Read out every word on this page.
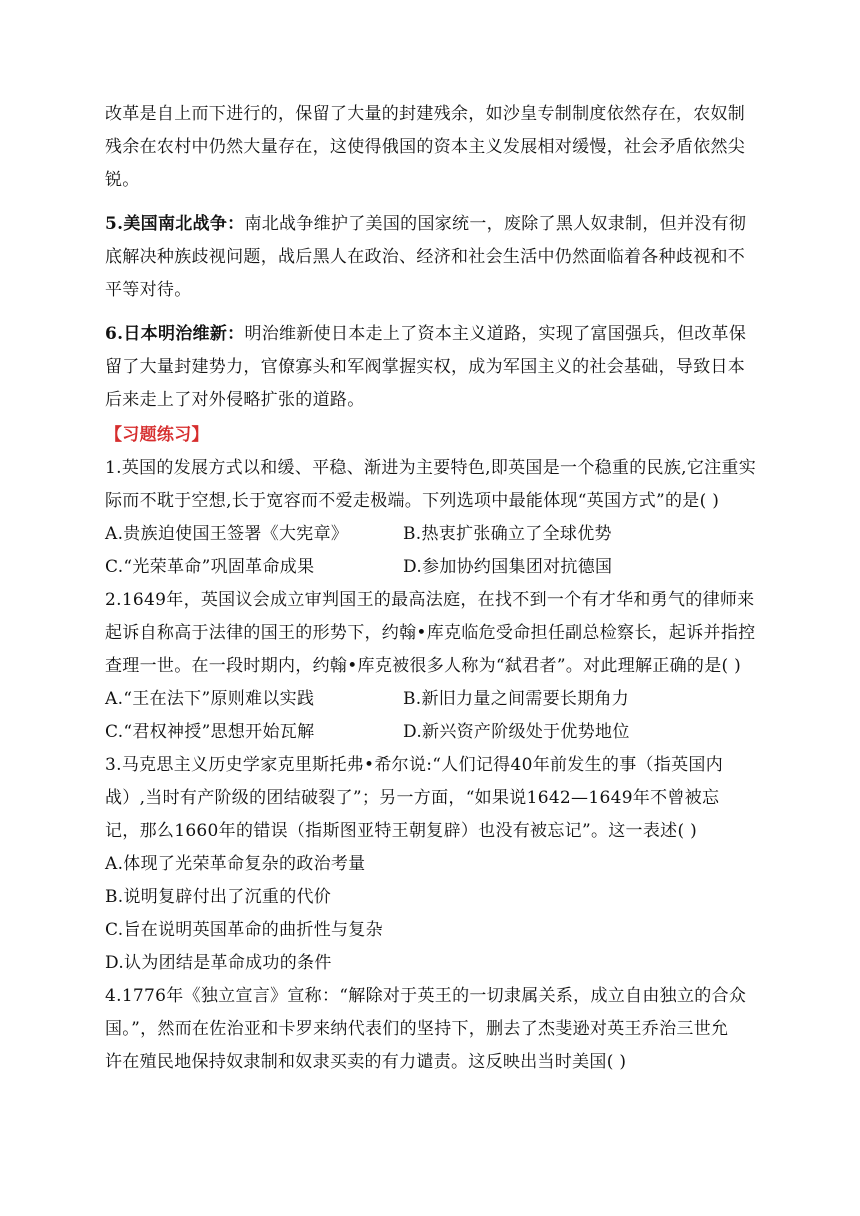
改革是自上而下进行的，保留了大量的封建残余，如沙皇专制制度依然存在，农奴制
残余在农村中仍然大量存在，这使得俄国的资本主义发展相对缓慢，社会矛盾依然尖
锐。
5.美国南北战争：南北战争维护了美国的国家统一，废除了黑人奴隶制，但并没有彻
底解决种族歧视问题，战后黑人在政治、经济和社会生活中仍然面临着各种歧视和不
平等对待。
6.日本明治维新：明治维新使日本走上了资本主义道路，实现了富国强兵，但改革保
留了大量封建势力，官僚寡头和军阀掌握实权，成为军国主义的社会基础，导致日本
后来走上了对外侵略扩张的道路。
【习题练习】
1.英国的发展方式以和缓、平稳、渐进为主要特色,即英国是一个稳重的民族,它注重实
际而不耽于空想,长于宽容而不爱走极端。下列选项中最能体现“英国方式”的是( )
A.贵族迫使国王签署《大宪章》	B.热衷扩张确立了全球优势
C.“光荣革命”巩固革命成果	D.参加协约国集团对抗德国
2.1649年，英国议会成立审判国王的最高法庭，在找不到一个有才华和勇气的律师来
起诉自称高于法律的国王的形势下，约翰•库克临危受命担任副总检察长，起诉并指控
查理一世。在一段时期内，约翰•库克被很多人称为“弑君者”。对此理解正确的是( )
A.“王在法下”原则难以实践	B.新旧力量之间需要长期角力
C.“君权神授”思想开始瓦解	D.新兴资产阶级处于优势地位
3.马克思主义历史学家克里斯托弗•希尔说:“人们记得40年前发生的事（指英国内
战）,当时有产阶级的团结破裂了”；另一方面，“如果说1642—1649年不曾被忘
记，那么1660年的错误（指斯图亚特王朝复辟）也没有被忘记”。这一表述( )
A.体现了光荣革命复杂的政治考量
B.说明复辟付出了沉重的代价
C.旨在说明英国革命的曲折性与复杂
D.认为团结是革命成功的条件
4.1776年《独立宣言》宣称：“解除对于英王的一切隶属关系，成立自由独立的合众
国。”，然而在佐治亚和卡罗来纳代表们的坚持下，删去了杰斐逊对英王乔治三世允
许在殖民地保持奴隶制和奴隶买卖的有力谴责。这反映出当时美国( )
